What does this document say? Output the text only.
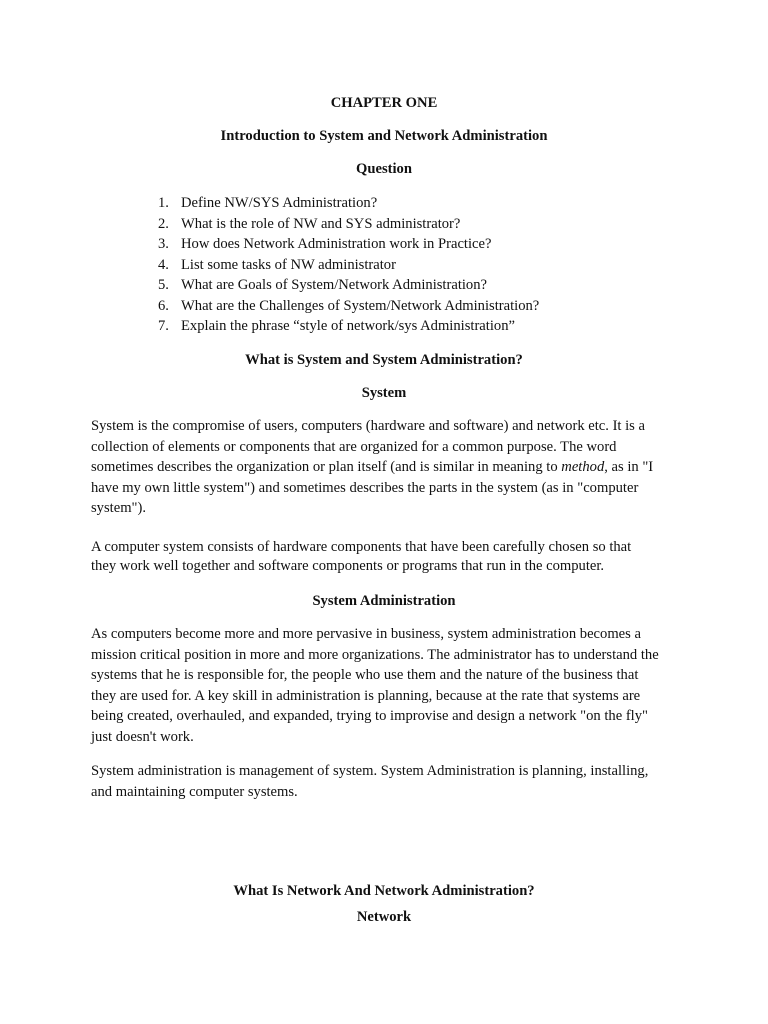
CHAPTER ONE
Introduction to System and Network Administration
Question
1. Define NW/SYS Administration?
2. What is the role of NW and SYS administrator?
3. How does Network Administration work in Practice?
4. List some tasks of NW administrator
5. What are Goals of System/Network Administration?
6. What are the Challenges of System/Network Administration?
7. Explain the phrase “style of network/sys Administration”
What is System and System Administration?
System
System is the compromise of users, computers (hardware and software) and network etc. It is a
collection of elements or components that are organized for a common purpose. The word
sometimes describes the organization or plan itself (and is similar in meaning to method, as in "I
have my own little system") and sometimes describes the parts in the system (as in "computer
system").
A computer system consists of hardware components that have been carefully chosen so that
they work well together and software components or programs that run in the computer.
System Administration
As computers become more and more pervasive in business, system administration becomes a
mission critical position in more and more organizations. The administrator has to understand the
systems that he is responsible for, the people who use them and the nature of the business that
they are used for. A key skill in administration is planning, because at the rate that systems are
being created, overhauled, and expanded, trying to improvise and design a network "on the fly"
just doesn't work.
System administration is management of system. System Administration is planning, installing,
and maintaining computer systems.
What Is Network And Network Administration?
Network
